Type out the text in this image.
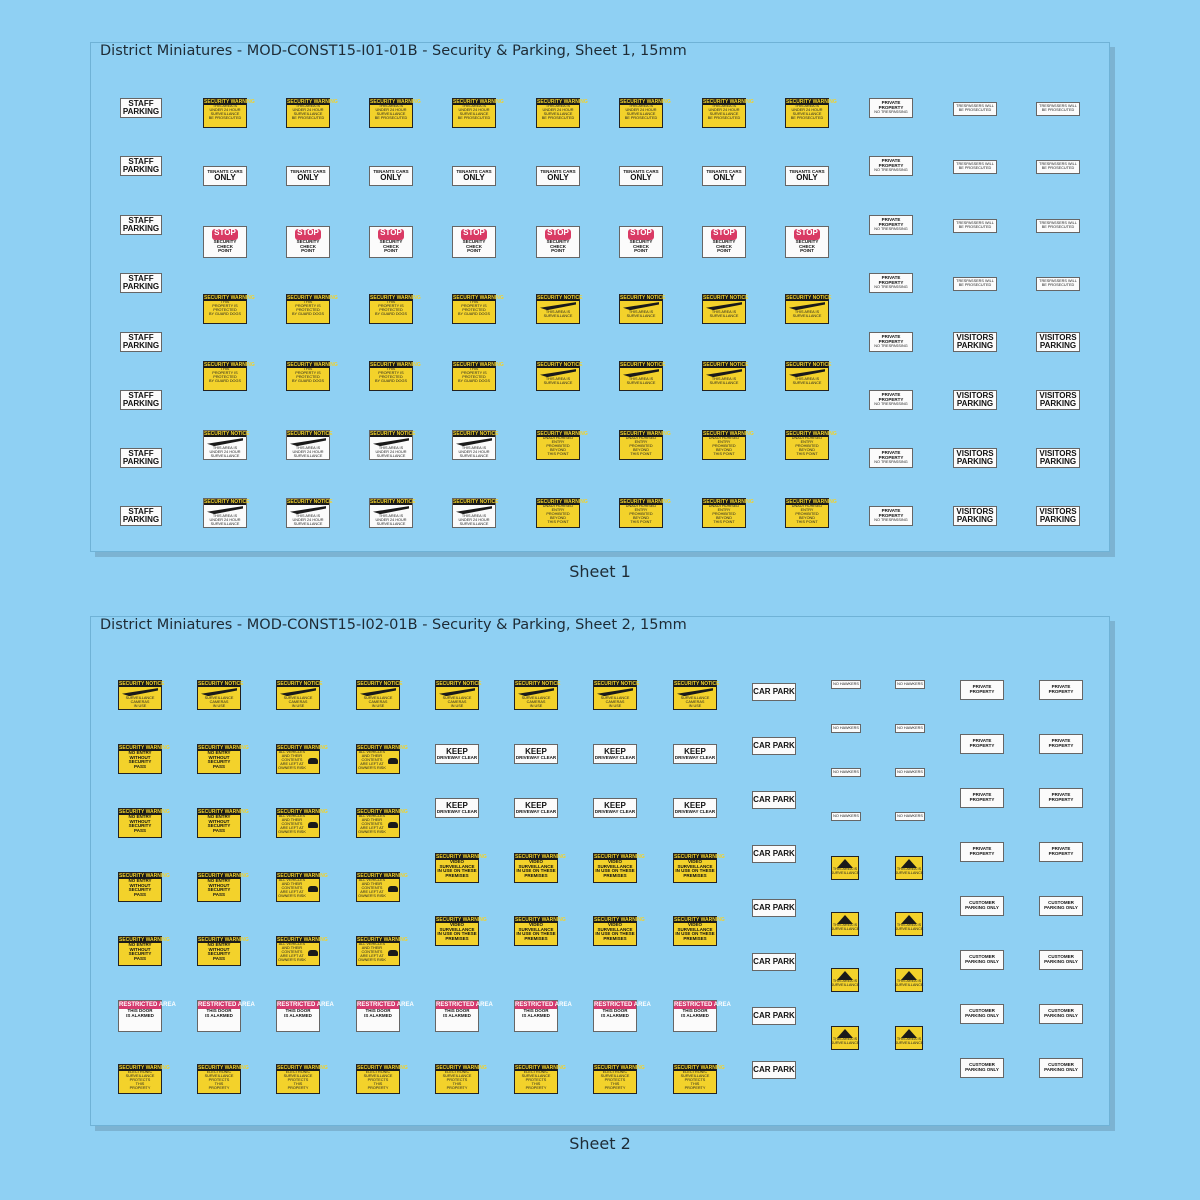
District Miniatures - MOD-CONST15-I01-01B - Security & Parking, Sheet 1, 15mm
Sheet 1
District Miniatures - MOD-CONST15-I02-01B - Security & Parking, Sheet 2, 15mm
Sheet 2
STAFF
PARKING
STAFF
PARKING
STAFF
PARKING
STAFF
PARKING
STAFF
PARKING
STAFF
PARKING
STAFF
PARKING
STAFF
PARKING
SECURITY WARNING
THIS AREA IS
UNDER 24 HOUR
SURVEILLANCE
BE PROSECUTED
SECURITY WARNING
THIS AREA IS
UNDER 24 HOUR
SURVEILLANCE
BE PROSECUTED
SECURITY WARNING
THIS AREA IS
UNDER 24 HOUR
SURVEILLANCE
BE PROSECUTED
SECURITY WARNING
THIS AREA IS
UNDER 24 HOUR
SURVEILLANCE
BE PROSECUTED
SECURITY WARNING
THIS AREA IS
UNDER 24 HOUR
SURVEILLANCE
BE PROSECUTED
SECURITY WARNING
THIS AREA IS
UNDER 24 HOUR
SURVEILLANCE
BE PROSECUTED
SECURITY WARNING
THIS AREA IS
UNDER 24 HOUR
SURVEILLANCE
BE PROSECUTED
SECURITY WARNING
THIS AREA IS
UNDER 24 HOUR
SURVEILLANCE
BE PROSECUTED
TENANTS CARS
ONLY
TENANTS CARS
ONLY
TENANTS CARS
ONLY
TENANTS CARS
ONLY
TENANTS CARS
ONLY
TENANTS CARS
ONLY
TENANTS CARS
ONLY
TENANTS CARS
ONLY
STOP
SECURITY
CHECK
POINT
STOP
SECURITY
CHECK
POINT
STOP
SECURITY
CHECK
POINT
STOP
SECURITY
CHECK
POINT
STOP
SECURITY
CHECK
POINT
STOP
SECURITY
CHECK
POINT
STOP
SECURITY
CHECK
POINT
STOP
SECURITY
CHECK
POINT
SECURITY WARNING
THIS
PROPERTY IS
PROTECTED
BY GUARD DOGS
SECURITY WARNING
THIS
PROPERTY IS
PROTECTED
BY GUARD DOGS
SECURITY WARNING
THIS
PROPERTY IS
PROTECTED
BY GUARD DOGS
SECURITY WARNING
THIS
PROPERTY IS
PROTECTED
BY GUARD DOGS
SECURITY NOTICE
THIS AREA IS
SURVEILLANCE
SECURITY NOTICE
THIS AREA IS
SURVEILLANCE
SECURITY NOTICE
THIS AREA IS
SURVEILLANCE
SECURITY NOTICE
THIS AREA IS
SURVEILLANCE
SECURITY WARNING
THIS
PROPERTY IS
PROTECTED
BY GUARD DOGS
SECURITY WARNING
THIS
PROPERTY IS
PROTECTED
BY GUARD DOGS
SECURITY WARNING
THIS
PROPERTY IS
PROTECTED
BY GUARD DOGS
SECURITY WARNING
THIS
PROPERTY IS
PROTECTED
BY GUARD DOGS
SECURITY NOTICE
THIS AREA IS
SURVEILLANCE
SECURITY NOTICE
THIS AREA IS
SURVEILLANCE
SECURITY NOTICE
THIS AREA IS
SURVEILLANCE
SECURITY NOTICE
THIS AREA IS
SURVEILLANCE
SECURITY NOTICE
THIS AREA IS
UNDER 24 HOUR
SURVEILLANCE
SECURITY NOTICE
THIS AREA IS
UNDER 24 HOUR
SURVEILLANCE
SECURITY NOTICE
THIS AREA IS
UNDER 24 HOUR
SURVEILLANCE
SECURITY NOTICE
THIS AREA IS
UNDER 24 HOUR
SURVEILLANCE
SECURITY WARNING
UNAUTHORISED
ENTRY
PROHIBITED
BEYOND
THIS POINT
SECURITY WARNING
UNAUTHORISED
ENTRY
PROHIBITED
BEYOND
THIS POINT
SECURITY WARNING
UNAUTHORISED
ENTRY
PROHIBITED
BEYOND
THIS POINT
SECURITY WARNING
UNAUTHORISED
ENTRY
PROHIBITED
BEYOND
THIS POINT
SECURITY NOTICE
THIS AREA IS
UNDER 24 HOUR
SURVEILLANCE
SECURITY NOTICE
THIS AREA IS
UNDER 24 HOUR
SURVEILLANCE
SECURITY NOTICE
THIS AREA IS
UNDER 24 HOUR
SURVEILLANCE
SECURITY NOTICE
THIS AREA IS
UNDER 24 HOUR
SURVEILLANCE
SECURITY WARNING
UNAUTHORISED
ENTRY
PROHIBITED
BEYOND
THIS POINT
SECURITY WARNING
UNAUTHORISED
ENTRY
PROHIBITED
BEYOND
THIS POINT
SECURITY WARNING
UNAUTHORISED
ENTRY
PROHIBITED
BEYOND
THIS POINT
SECURITY WARNING
UNAUTHORISED
ENTRY
PROHIBITED
BEYOND
THIS POINT
PRIVATE
PROPERTY
NO TRESPASSING
PRIVATE
PROPERTY
NO TRESPASSING
PRIVATE
PROPERTY
NO TRESPASSING
PRIVATE
PROPERTY
NO TRESPASSING
PRIVATE
PROPERTY
NO TRESPASSING
PRIVATE
PROPERTY
NO TRESPASSING
PRIVATE
PROPERTY
NO TRESPASSING
PRIVATE
PROPERTY
NO TRESPASSING
TRESPASSERS WILL
BE PROSECUTED
TRESPASSERS WILL
BE PROSECUTED
TRESPASSERS WILL
BE PROSECUTED
TRESPASSERS WILL
BE PROSECUTED
TRESPASSERS WILL
BE PROSECUTED
TRESPASSERS WILL
BE PROSECUTED
TRESPASSERS WILL
BE PROSECUTED
TRESPASSERS WILL
BE PROSECUTED
VISITORS
PARKING
VISITORS
PARKING
VISITORS
PARKING
VISITORS
PARKING
VISITORS
PARKING
VISITORS
PARKING
VISITORS
PARKING
VISITORS
PARKING
SECURITY NOTICE
SURVEILLANCE
CAMERAS
IN USE
SECURITY NOTICE
SURVEILLANCE
CAMERAS
IN USE
SECURITY NOTICE
SURVEILLANCE
CAMERAS
IN USE
SECURITY NOTICE
SURVEILLANCE
CAMERAS
IN USE
SECURITY NOTICE
SURVEILLANCE
CAMERAS
IN USE
SECURITY NOTICE
SURVEILLANCE
CAMERAS
IN USE
SECURITY NOTICE
SURVEILLANCE
CAMERAS
IN USE
SECURITY NOTICE
SURVEILLANCE
CAMERAS
IN USE
SECURITY WARNING
NO ENTRY
WITHOUT
SECURITY
PASS
SECURITY WARNING
NO ENTRY
WITHOUT
SECURITY
PASS
SECURITY WARNING
ALL VEHICLES
AND THEIR
CONTENTS
ARE LEFT AT
OWNER'S RISK
SECURITY WARNING
ALL VEHICLES
AND THEIR
CONTENTS
ARE LEFT AT
OWNER'S RISK
SECURITY WARNING
NO ENTRY
WITHOUT
SECURITY
PASS
SECURITY WARNING
NO ENTRY
WITHOUT
SECURITY
PASS
SECURITY WARNING
ALL VEHICLES
AND THEIR
CONTENTS
ARE LEFT AT
OWNER'S RISK
SECURITY WARNING
ALL VEHICLES
AND THEIR
CONTENTS
ARE LEFT AT
OWNER'S RISK
SECURITY WARNING
NO ENTRY
WITHOUT
SECURITY
PASS
SECURITY WARNING
NO ENTRY
WITHOUT
SECURITY
PASS
SECURITY WARNING
ALL VEHICLES
AND THEIR
CONTENTS
ARE LEFT AT
OWNER'S RISK
SECURITY WARNING
ALL VEHICLES
AND THEIR
CONTENTS
ARE LEFT AT
OWNER'S RISK
SECURITY WARNING
NO ENTRY
WITHOUT
SECURITY
PASS
SECURITY WARNING
NO ENTRY
WITHOUT
SECURITY
PASS
SECURITY WARNING
ALL VEHICLES
AND THEIR
CONTENTS
ARE LEFT AT
OWNER'S RISK
SECURITY WARNING
ALL VEHICLES
AND THEIR
CONTENTS
ARE LEFT AT
OWNER'S RISK
KEEP
DRIVEWAY CLEAR
KEEP
DRIVEWAY CLEAR
KEEP
DRIVEWAY CLEAR
KEEP
DRIVEWAY CLEAR
KEEP
DRIVEWAY CLEAR
KEEP
DRIVEWAY CLEAR
KEEP
DRIVEWAY CLEAR
KEEP
DRIVEWAY CLEAR
SECURITY WARNING
VIDEO
SURVEILLANCE
IN USE ON THESE
PREMISES
SECURITY WARNING
VIDEO
SURVEILLANCE
IN USE ON THESE
PREMISES
SECURITY WARNING
VIDEO
SURVEILLANCE
IN USE ON THESE
PREMISES
SECURITY WARNING
VIDEO
SURVEILLANCE
IN USE ON THESE
PREMISES
SECURITY WARNING
VIDEO
SURVEILLANCE
IN USE ON THESE
PREMISES
SECURITY WARNING
VIDEO
SURVEILLANCE
IN USE ON THESE
PREMISES
SECURITY WARNING
VIDEO
SURVEILLANCE
IN USE ON THESE
PREMISES
SECURITY WARNING
VIDEO
SURVEILLANCE
IN USE ON THESE
PREMISES
RESTRICTED AREA
THIS DOOR
IS ALARMED
RESTRICTED AREA
THIS DOOR
IS ALARMED
RESTRICTED AREA
THIS DOOR
IS ALARMED
RESTRICTED AREA
THIS DOOR
IS ALARMED
RESTRICTED AREA
THIS DOOR
IS ALARMED
RESTRICTED AREA
THIS DOOR
IS ALARMED
RESTRICTED AREA
THIS DOOR
IS ALARMED
RESTRICTED AREA
THIS DOOR
IS ALARMED
SECURITY WARNING
ELECTRONIC
SURVEILLANCE
PROTECTS
THIS
PROPERTY
SECURITY WARNING
ELECTRONIC
SURVEILLANCE
PROTECTS
THIS
PROPERTY
SECURITY WARNING
ELECTRONIC
SURVEILLANCE
PROTECTS
THIS
PROPERTY
SECURITY WARNING
ELECTRONIC
SURVEILLANCE
PROTECTS
THIS
PROPERTY
SECURITY WARNING
ELECTRONIC
SURVEILLANCE
PROTECTS
THIS
PROPERTY
SECURITY WARNING
ELECTRONIC
SURVEILLANCE
PROTECTS
THIS
PROPERTY
SECURITY WARNING
ELECTRONIC
SURVEILLANCE
PROTECTS
THIS
PROPERTY
SECURITY WARNING
ELECTRONIC
SURVEILLANCE
PROTECTS
THIS
PROPERTY
CAR PARK
CAR PARK
CAR PARK
CAR PARK
CAR PARK
CAR PARK
CAR PARK
CAR PARK
NO HAWKERS	NO HAWKERS
NO HAWKERS	NO HAWKERS
NO HAWKERS	NO HAWKERS
NO HAWKERS	NO HAWKERS
THIS AREA IS
SURVEILLANCE
THIS AREA IS
SURVEILLANCE
THIS AREA IS
SURVEILLANCE
THIS AREA IS
SURVEILLANCE
THIS AREA IS
SURVEILLANCE
THIS AREA IS
SURVEILLANCE
THIS AREA IS
SURVEILLANCE
THIS AREA IS
SURVEILLANCE
PRIVATE
PROPERTY
PRIVATE
PROPERTY
PRIVATE
PROPERTY
PRIVATE
PROPERTY
PRIVATE
PROPERTY
PRIVATE
PROPERTY
PRIVATE
PROPERTY
PRIVATE
PROPERTY
CUSTOMER
PARKING ONLY
CUSTOMER
PARKING ONLY
CUSTOMER
PARKING ONLY
CUSTOMER
PARKING ONLY
CUSTOMER
PARKING ONLY
CUSTOMER
PARKING ONLY
CUSTOMER
PARKING ONLY
CUSTOMER
PARKING ONLY
